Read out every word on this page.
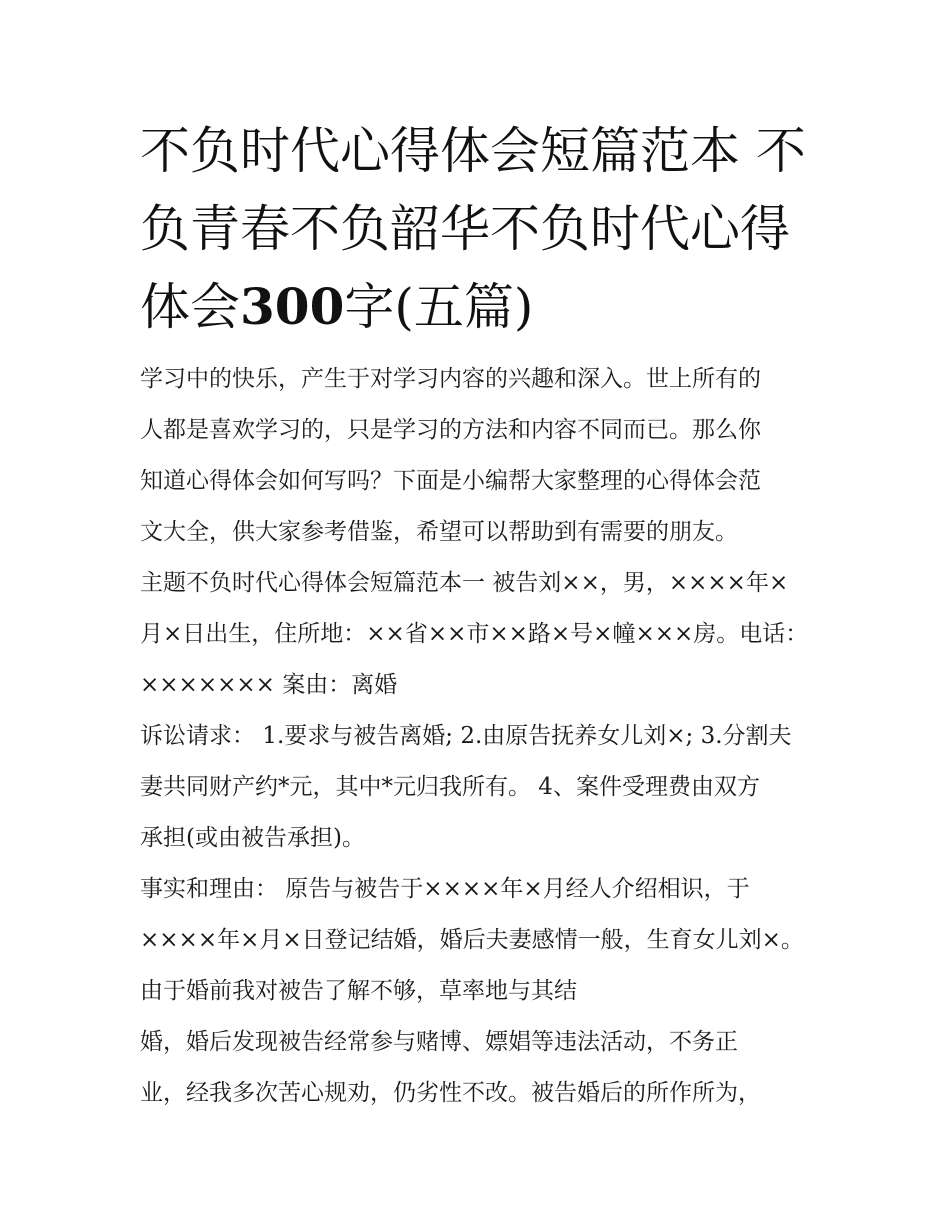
不负时代心得体会短篇范本 不
负青春不负韶华不负时代心得
体会300字(五篇)
学习中的快乐，产生于对学习内容的兴趣和深入。世上所有的
人都是喜欢学习的，只是学习的方法和内容不同而已。那么你
知道心得体会如何写吗？下面是小编帮大家整理的心得体会范
文大全，供大家参考借鉴，希望可以帮助到有需要的朋友。
主题不负时代心得体会短篇范本一 被告刘××，男，××××年×
月×日出生，住所地：××省××市××路×号×幢×××房。电话：
××××××× 案由：离婚
诉讼请求： 1.要求与被告离婚; 2.由原告抚养女儿刘×; 3.分割夫
妻共同财产约*元，其中*元归我所有。 4、案件受理费由双方
承担(或由被告承担)。
事实和理由： 原告与被告于××××年×月经人介绍相识，于
××××年×月×日登记结婚，婚后夫妻感情一般，生育女儿刘×。
由于婚前我对被告了解不够，草率地与其结
婚，婚后发现被告经常参与赌博、嫖娼等违法活动，不务正
业，经我多次苦心规劝，仍劣性不改。被告婚后的所作所为，
